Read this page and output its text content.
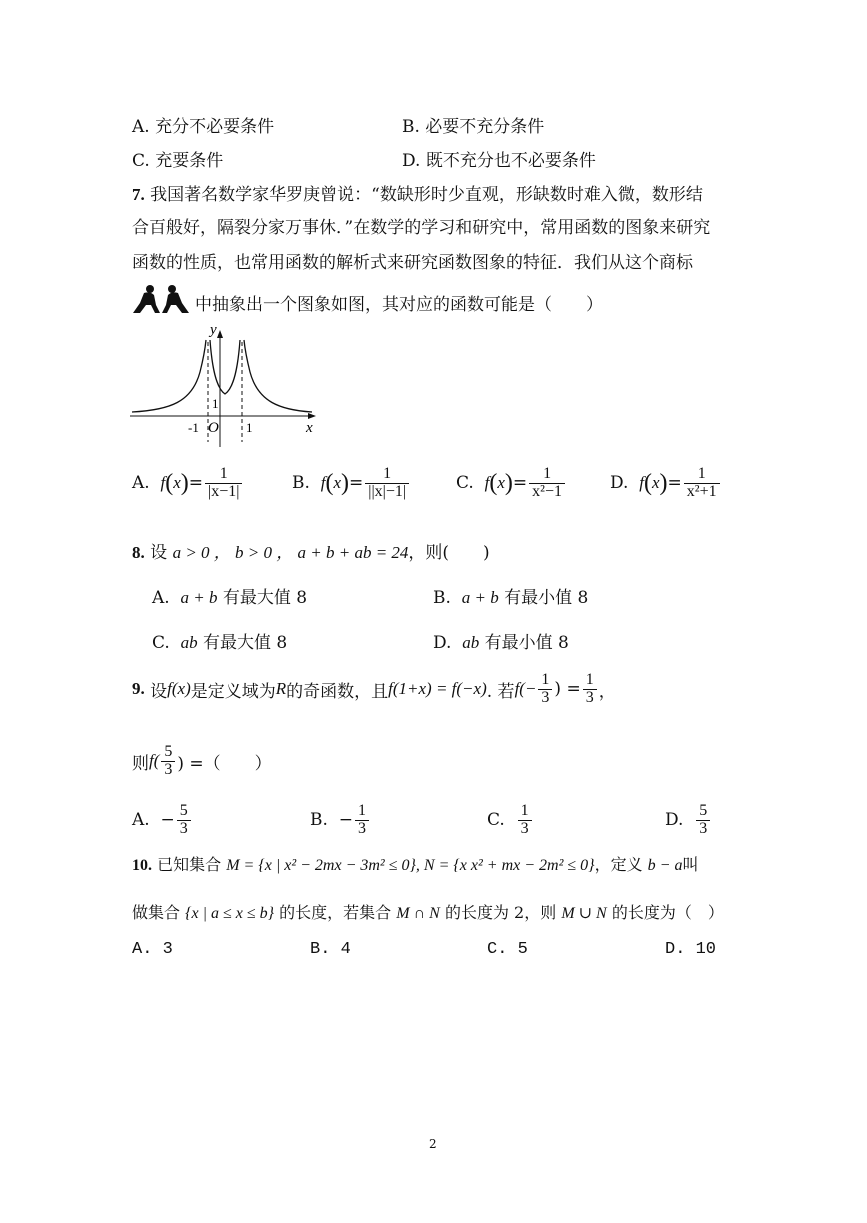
A. 充分不必要条件	B. 必要不充分条件
C. 充要条件	D. 既不充分也不必要条件
7. 我国著名数学家华罗庚曾说：“数缺形时少直观，形缺数时难入微，数形结
合百般好，隔裂分家万事休．”在数学的学习和研究中，常用函数的图象来研究
函数的性质，也常用函数的解析式来研究函数图象的特征．我们从这个商标
中抽象出一个图象如图，其对应的函数可能是（　　）
y
x
O
-1	1
1
A.
f ( x ) = $\frac{1}{|x-1|}$	B.
f ( x ) = $\frac{1}{||x|-1|}$	C.
f ( x ) = $\frac{1}{\text{x²−1}}$	D.
f ( x ) = $\frac{1}{\text{x²+1}}$
8. 设 a > 0 ， b > 0 ， a + b + ab = 24，则(　　)
A. a + b 有最大值 8	B. a + b 有最小值 8
C. ab 有最大值 8	D. ab 有最小值 8
9.
设 f(x) 是定义域为 R 的奇函数，且 f(1+x) = f(−x) . 若 $f(- \frac{1}{3}$ ) = $\frac{1}{3}$ ，
则 $f( \frac{5}{3}$ ) =（　　）
A.
− $\frac{5}{3}$	B.
− $\frac{1}{3}$	C.
$\frac{1}{3}$	D.
$\frac{5}{3}$
10. 已知集合 M = {x | x² − 2mx − 3m² ≤ 0}, N = {x x² + mx − 2m² ≤ 0}，定义 b − a叫
做集合 {x | a ≤ x ≤ b} 的长度，若集合 M ∩ N 的长度为 2，则 M ∪ N 的长度为（　）
A. 3	B. 4	C. 5	D. 10
2
